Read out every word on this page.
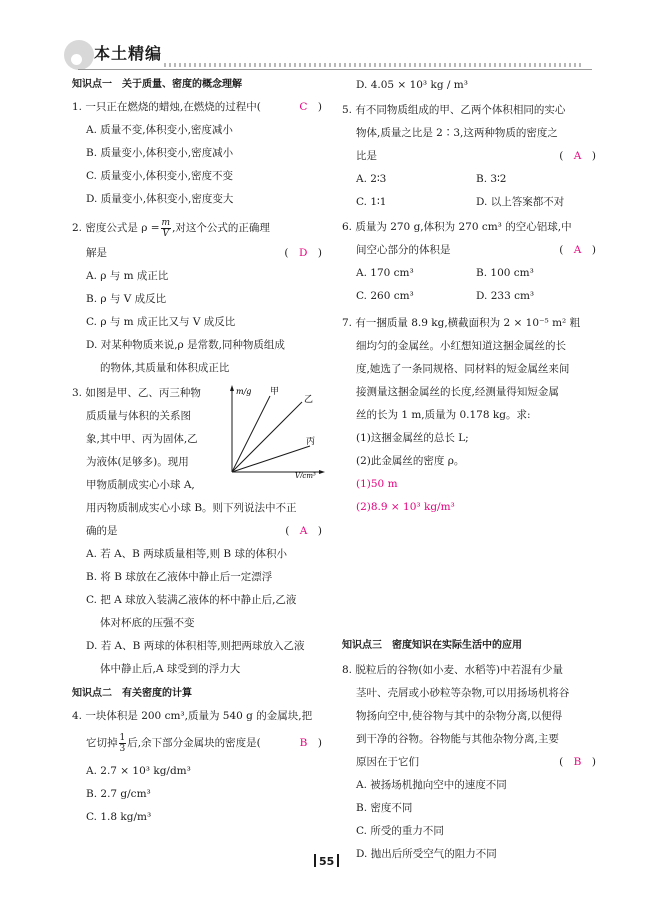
本土精编
知识点一　关于质量、密度的概念理解
1. 一只正在燃烧的蜡烛,在燃烧的过程中(	C　 )
A. 质量不变,体积变小,密度减小
B. 质量变小,体积变小,密度减小
C. 质量变小,体积变小,密度不变
D. 质量变小,体积变小,密度变大
2. 密度公式是 $\rho = \frac{m}{V}$ ,对这个公式的正确理
解是	(　D　)
A. ρ 与 m 成正比
B. ρ 与 V 成反比
C. ρ 与 m 成正比又与 V 成反比
D. 对某种物质来说,ρ 是常数,同种物质组成
的物体,其质量和体积成正比
m/g 甲
乙
丙
V/cm³
3. 如图是甲、乙、丙三种物
质质量与体积的关系图
象,其中甲、丙为固体,乙
为液体(足够多)。现用
甲物质制成实心小球 A,
用丙物质制成实心小球 B。则下列说法中不正
确的是	(　A　)
A. 若 A、B 两球质量相等,则 B 球的体积小
B. 将 B 球放在乙液体中静止后一定漂浮
C. 把 A 球放入装满乙液体的杯中静止后,乙液
体对杯底的压强不变
D. 若 A、B 两球的体积相等,则把两球放入乙液
体中静止后,A 球受到的浮力大
知识点二　有关密度的计算
4. 一块体积是 200 cm³,质量为 540 g 的金属块,把
它切掉 $\frac{1}{3}$ 后,余下部分金属块的密度是(	B　)
A. 2.7 × 10³ kg/dm³
B. 2.7 g/cm³
C. 1.8 kg/m³
D. 4.05 × 10³ kg / m³
5. 有不同物质组成的甲、乙两个体积相同的实心
物体,质量之比是 2∶3,这两种物质的密度之
比是	(　A　)
A. 2∶3	B. 3∶2
C. 1∶1	D. 以上答案都不对
6. 质量为 270 g,体积为 270 cm³ 的空心铝球,中
间空心部分的体积是	(　A　)
A. 170 cm³	B. 100 cm³
C. 260 cm³	D. 233 cm³
7. 有一捆质量 8.9 kg,横截面积为 2 × 10⁻⁵ m² 粗
细均匀的金属丝。小红想知道这捆金属丝的长
度,她选了一条同规格、同材料的短金属丝来间
接测量这捆金属丝的长度,经测量得知短金属
丝的长为 1 m,质量为 0.178 kg。求:
(1)这捆金属丝的总长 L;
(2)此金属丝的密度 ρ。
(1)50 m
(2)8.9 × 10³ kg/m³
知识点三　密度知识在实际生活中的应用
8. 脱粒后的谷物(如小麦、水稻等)中若混有少量
茎叶、壳屑或小砂粒等杂物,可以用扬场机将谷
物扬向空中,使谷物与其中的杂物分离,以便得
到干净的谷物。谷物能与其他杂物分离,主要
原因在于它们	(　B　)
A. 被扬场机抛向空中的速度不同
B. 密度不同
C. 所受的重力不同
D. 抛出后所受空气的阻力不同
55
